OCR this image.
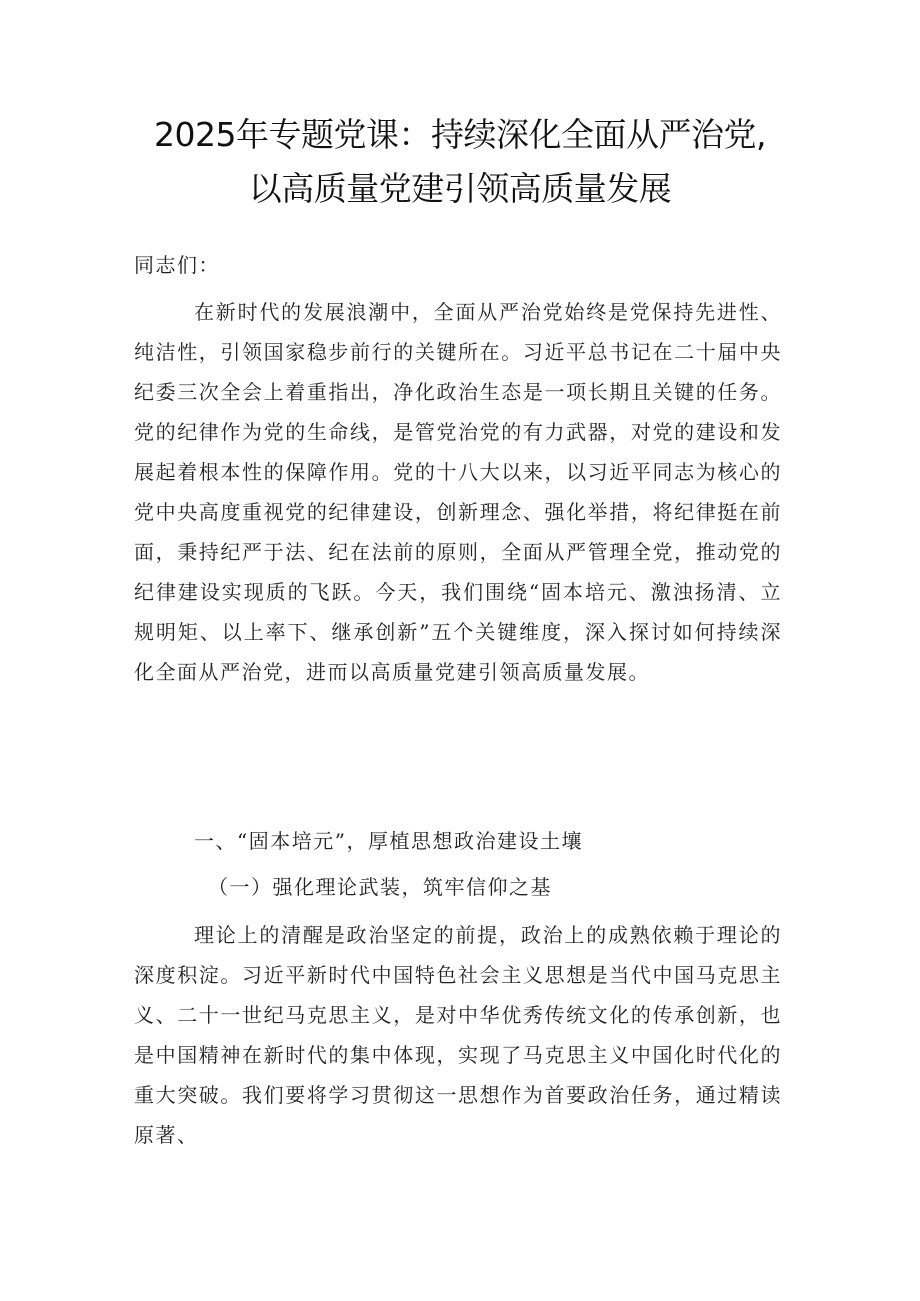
2025年专题党课：持续深化全面从严治党,
以高质量党建引领高质量发展
同志们：

在新时代的发展浪潮中，全面从严治党始终是党保持先进性、纯洁性，引领国家稳步前行的关键所在。习近平总书记在二十届中央纪委三次全会上着重指出，净化政治生态是一项长期且关键的任务。党的纪律作为党的生命线，是管党治党的有力武器，对党的建设和发展起着根本性的保障作用。党的十八大以来，以习近平同志为核心的党中央高度重视党的纪律建设，创新理念、强化举措，将纪律挺在前面，秉持纪严于法、纪在法前的原则，全面从严管理全党，推动党的纪律建设实现质的飞跃。今天，我们围绕“固本培元、激浊扬清、立规明矩、以上率下、继承创新”五个关键维度，深入探讨如何持续深化全面从严治党，进而以高质量党建引领高质量发展。

一、“固本培元”，厚植思想政治建设土壤
（一）强化理论武装，筑牢信仰之基

理论上的清醒是政治坚定的前提，政治上的成熟依赖于理论的深度积淀。习近平新时代中国特色社会主义思想是当代中国马克思主义、二十一世纪马克思主义，是对中华优秀传统文化的传承创新，也是中国精神在新时代的集中体现，实现了马克思主义中国化时代化的重大突破。我们要将学习贯彻这一思想作为首要政治任务，通过精读原著、
